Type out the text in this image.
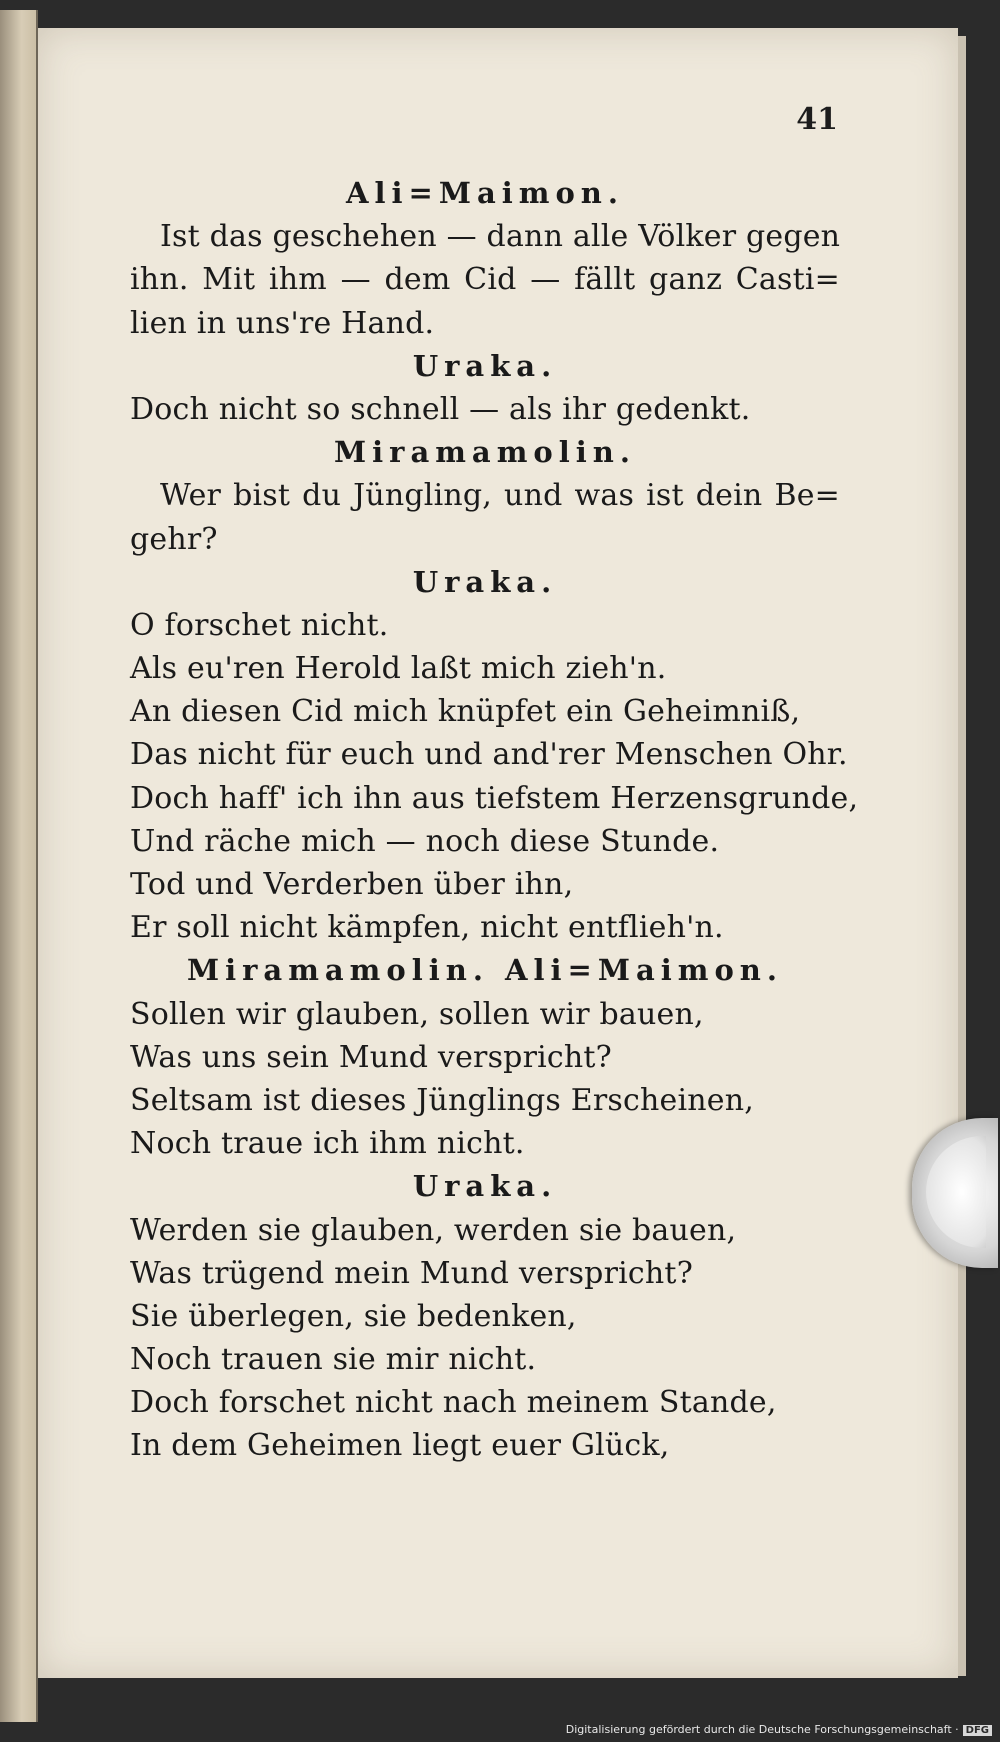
41
Ali=Maimon.
Ist das geschehen — dann alle Völker gegen
ihn. Mit ihm — dem Cid — fällt ganz Casti=
lien in uns're Hand.
Uraka.
Doch nicht so schnell — als ihr gedenkt.
Miramamolin.
Wer bist du Jüngling, und was ist dein Be=
gehr?
Uraka.
O forschet nicht.
Als eu'ren Herold laßt mich zieh'n.
An diesen Cid mich knüpfet ein Geheimniß,
Das nicht für euch und and'rer Menschen Ohr.
Doch haff' ich ihn aus tiefstem Herzensgrunde,
Und räche mich — noch diese Stunde.
Tod und Verderben über ihn,
Er soll nicht kämpfen, nicht entflieh'n.
Miramamolin. Ali=Maimon.
Sollen wir glauben, sollen wir bauen,
Was uns sein Mund verspricht?
Seltsam ist dieses Jünglings Erscheinen,
Noch traue ich ihm nicht.
Uraka.
Werden sie glauben, werden sie bauen,
Was trügend mein Mund verspricht?
Sie überlegen, sie bedenken,
Noch trauen sie mir nicht.
Doch forschet nicht nach meinem Stande,
In dem Geheimen liegt euer Glück,
Digitalisierung gefördert durch die Deutsche Forschungsgemeinschaft · DFG
